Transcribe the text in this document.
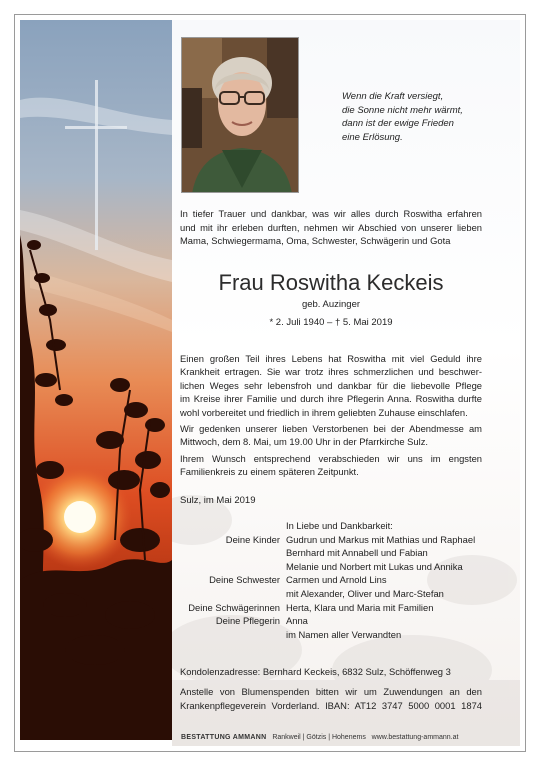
Wenn die Kraft versiegt,
die Sonne nicht mehr wärmt,
dann ist der ewige Frieden
eine Erlösung.
In tiefer Trauer und dankbar, was wir alles durch Roswitha erfahren
und mit ihr erleben durften, nehmen wir Abschied von unserer lieben
Mama, Schwiegermama, Oma, Schwester, Schwägerin und Gota
Frau Roswitha Keckeis
geb. Auzinger
* 2. Juli 1940 – † 5. Mai 2019
Einen großen Teil ihres Lebens hat Roswitha mit viel Geduld ihre
Krankheit ertragen. Sie war trotz ihres schmerzlichen und beschwer-
lichen Weges sehr lebensfroh und dankbar für die liebevolle Pflege
im Kreise ihrer Familie und durch ihre Pflegerin Anna. Roswitha durfte
wohl vorbereitet und friedlich in ihrem geliebten Zuhause einschlafen.
Wir gedenken unserer lieben Verstorbenen bei der Abendmesse am
Mittwoch, dem 8. Mai, um 19.00 Uhr in der Pfarrkirche Sulz.
Ihrem Wunsch entsprechend verabschieden wir uns im engsten
Familienkreis zu einem späteren Zeitpunkt.
Sulz, im Mai 2019
In Liebe und Dankbarkeit:
Deine Kinder Gudrun und Markus mit Mathias und Raphael
Bernhard mit Annabell und Fabian
Melanie und Norbert mit Lukas und Annika
Deine Schwester Carmen und Arnold Lins
mit Alexander, Oliver und Marc-Stefan
Deine Schwägerinnen Herta, Klara und Maria mit Familien
Deine Pflegerin Anna
im Namen aller Verwandten
Kondolenzadresse: Bernhard Keckeis, 6832 Sulz, Schöffenweg 3
Anstelle von Blumenspenden bitten wir um Zuwendungen an den
Krankenpflegeverein Vorderland. IBAN: AT12 3747 5000 0001 1874
BESTATTUNG AMMANN Rankweil | Götzis | Hohenems www.bestattung-ammann.at
